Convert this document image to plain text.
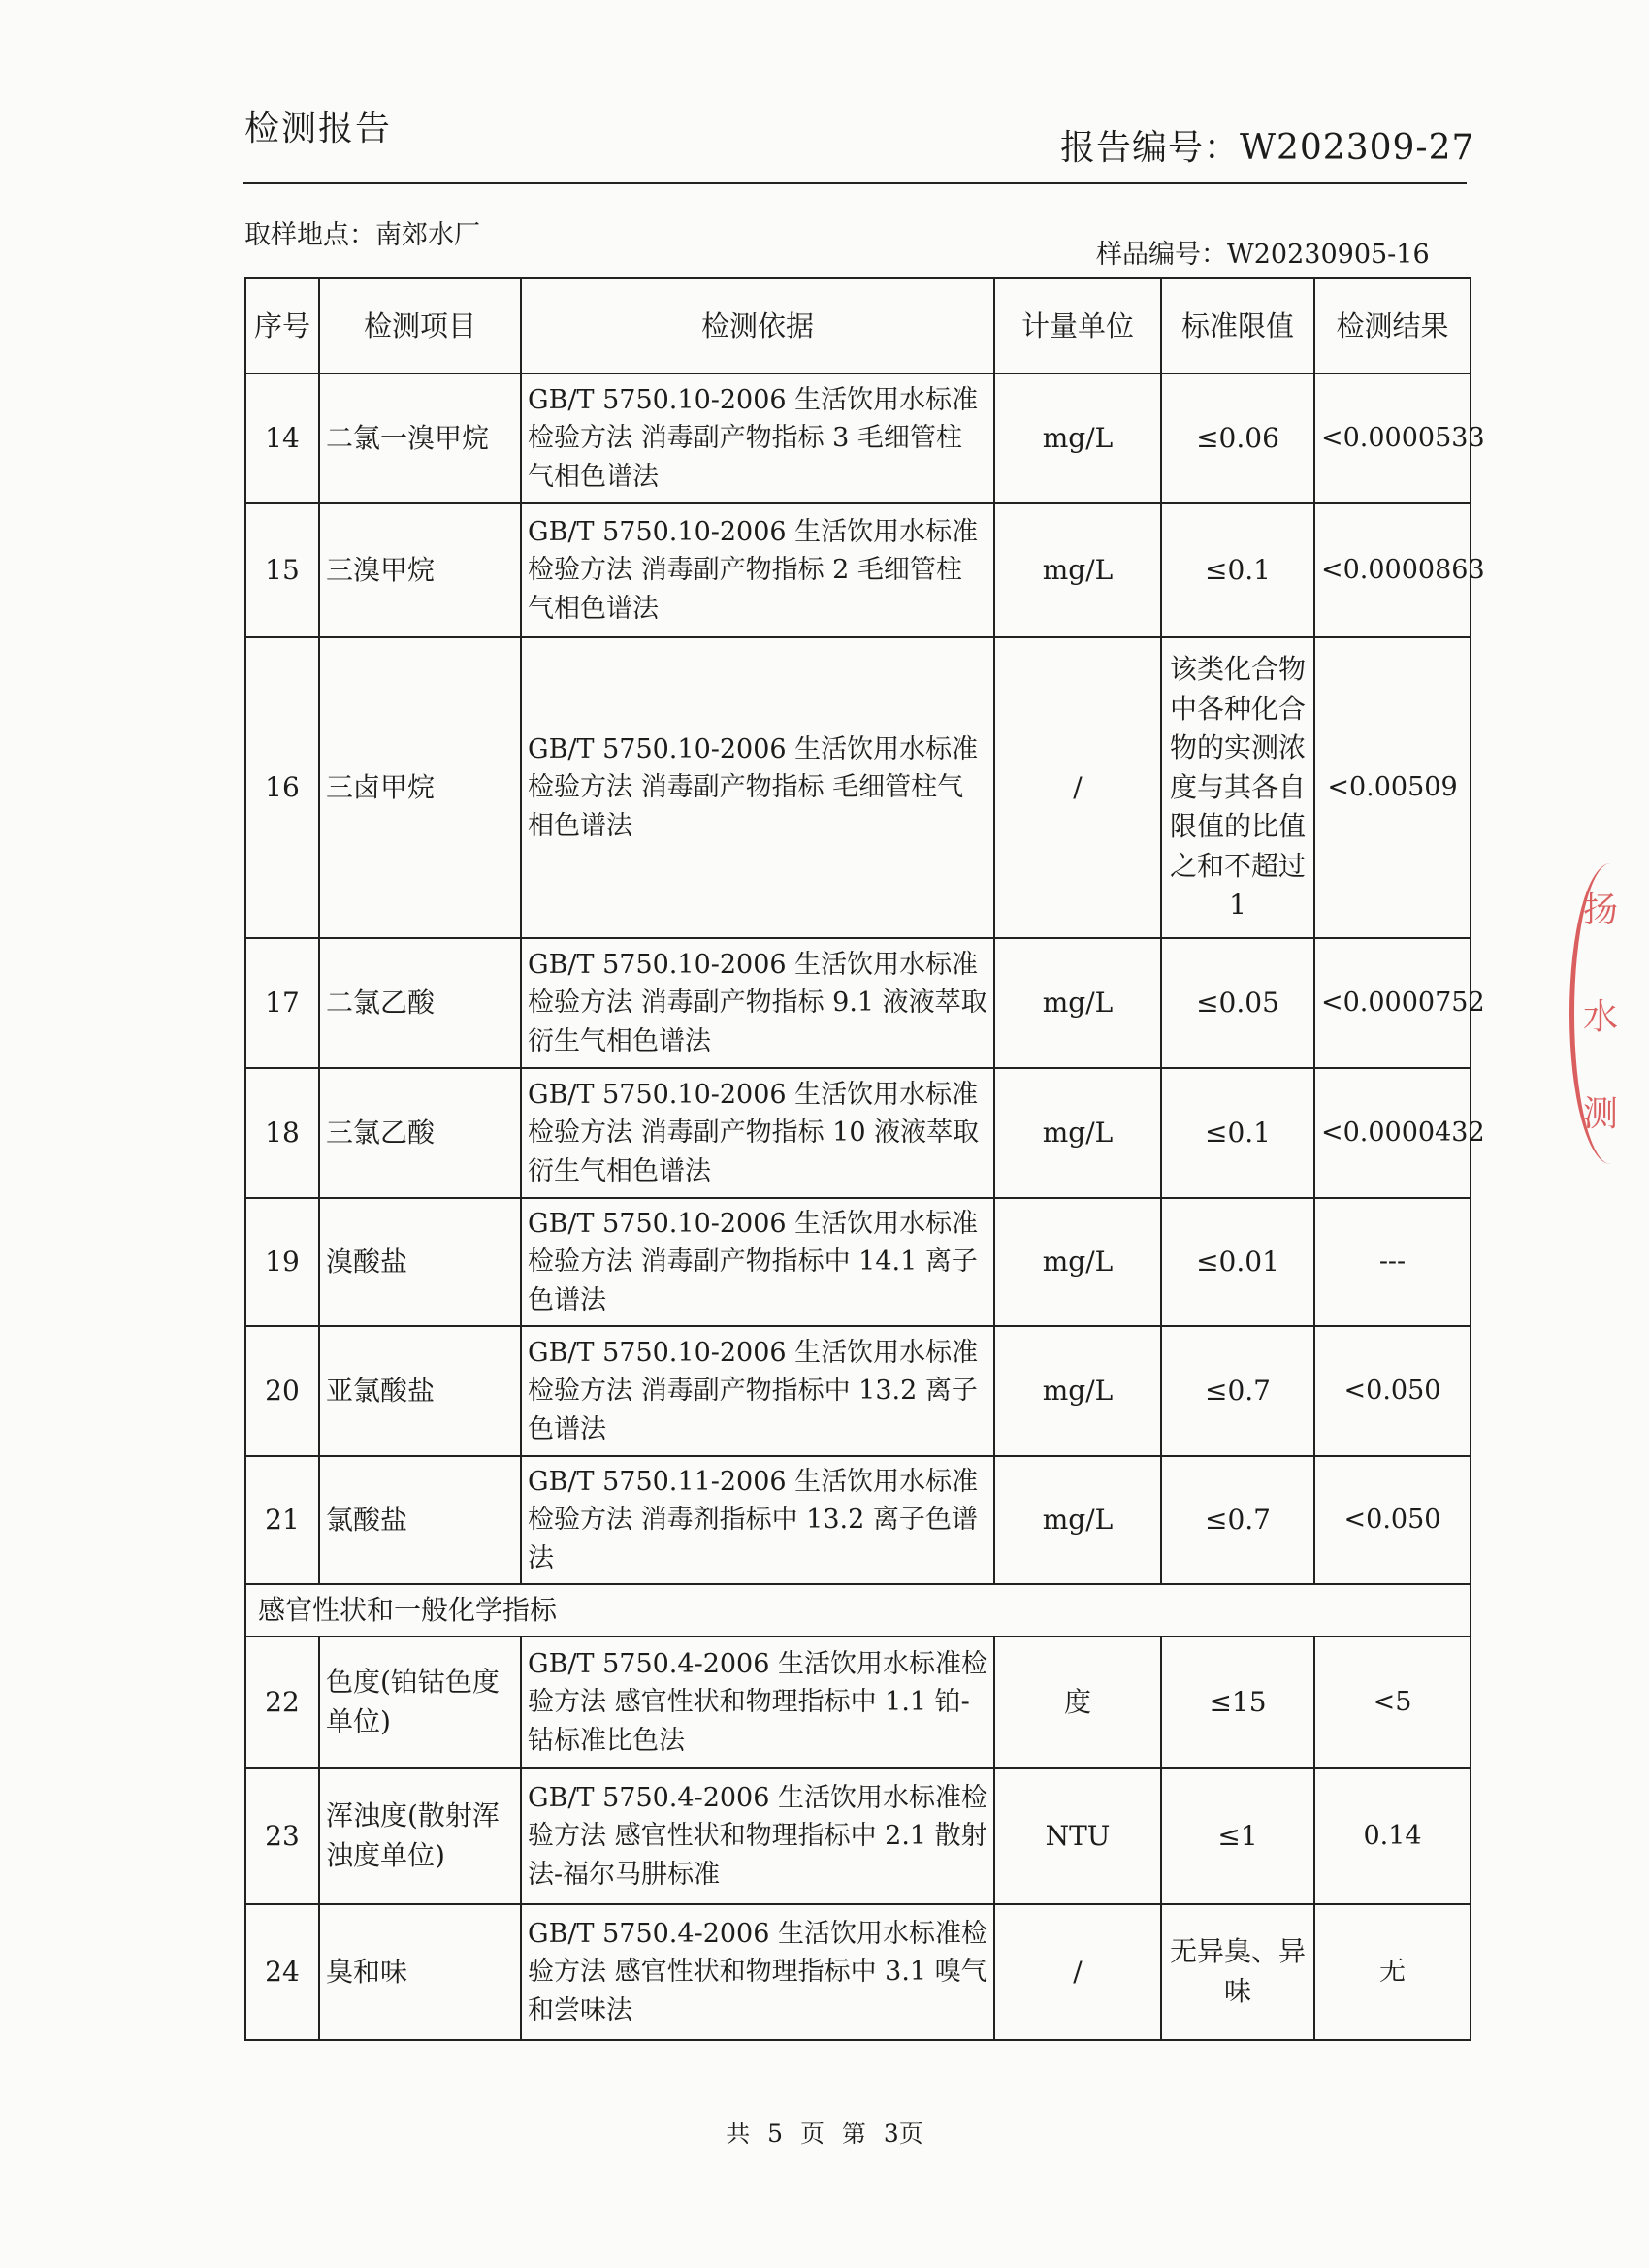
检测报告	报告编号：W202309-27
取样地点：南郊水厂
样品编号：W20230905-16
序号	检测项目	检测依据	计量单位	标准限值	检测结果
14	二氯一溴甲烷	GB/T 5750.10-2006 生活饮用水标准检验方法 消毒副产物指标 3 毛细管柱气相色谱法	mg/L	≤0.06	<0.0000533
15	三溴甲烷	GB/T 5750.10-2006 生活饮用水标准检验方法 消毒副产物指标 2 毛细管柱气相色谱法	mg/L	≤0.1	<0.0000863
16	三卤甲烷	GB/T 5750.10-2006 生活饮用水标准检验方法 消毒副产物指标 毛细管柱气相色谱法	/	该类化合物中各种化合物的实测浓度与其各自限值的比值之和不超过1	<0.00509
17	二氯乙酸	GB/T 5750.10-2006 生活饮用水标准检验方法 消毒副产物指标 9.1 液液萃取衍生气相色谱法	mg/L	≤0.05	<0.0000752
18	三氯乙酸	GB/T 5750.10-2006 生活饮用水标准检验方法 消毒副产物指标 10 液液萃取衍生气相色谱法	mg/L	≤0.1	<0.0000432
19	溴酸盐	GB/T 5750.10-2006 生活饮用水标准检验方法 消毒副产物指标中 14.1 离子色谱法	mg/L	≤0.01	---
20	亚氯酸盐	GB/T 5750.10-2006 生活饮用水标准检验方法 消毒副产物指标中 13.2 离子色谱法	mg/L	≤0.7	<0.050
21	氯酸盐	GB/T 5750.11-2006 生活饮用水标准检验方法 消毒剂指标中 13.2 离子色谱法	mg/L	≤0.7	<0.050
感官性状和一般化学指标					
22	色度(铂钴色度单位)	GB/T 5750.4-2006 生活饮用水标准检验方法 感官性状和物理指标中 1.1 铂-钴标准比色法	度	≤15	<5
23	浑浊度(散射浑浊度单位)	GB/T 5750.4-2006 生活饮用水标准检验方法 感官性状和物理指标中 2.1 散射法-福尔马肼标准	NTU	≤1	0.14
24	臭和味	GB/T 5750.4-2006 生活饮用水标准检验方法 感官性状和物理指标中 3.1 嗅气和尝味法	/	无异臭、异味	无
扬
水
测
共 5 页 第 3页
